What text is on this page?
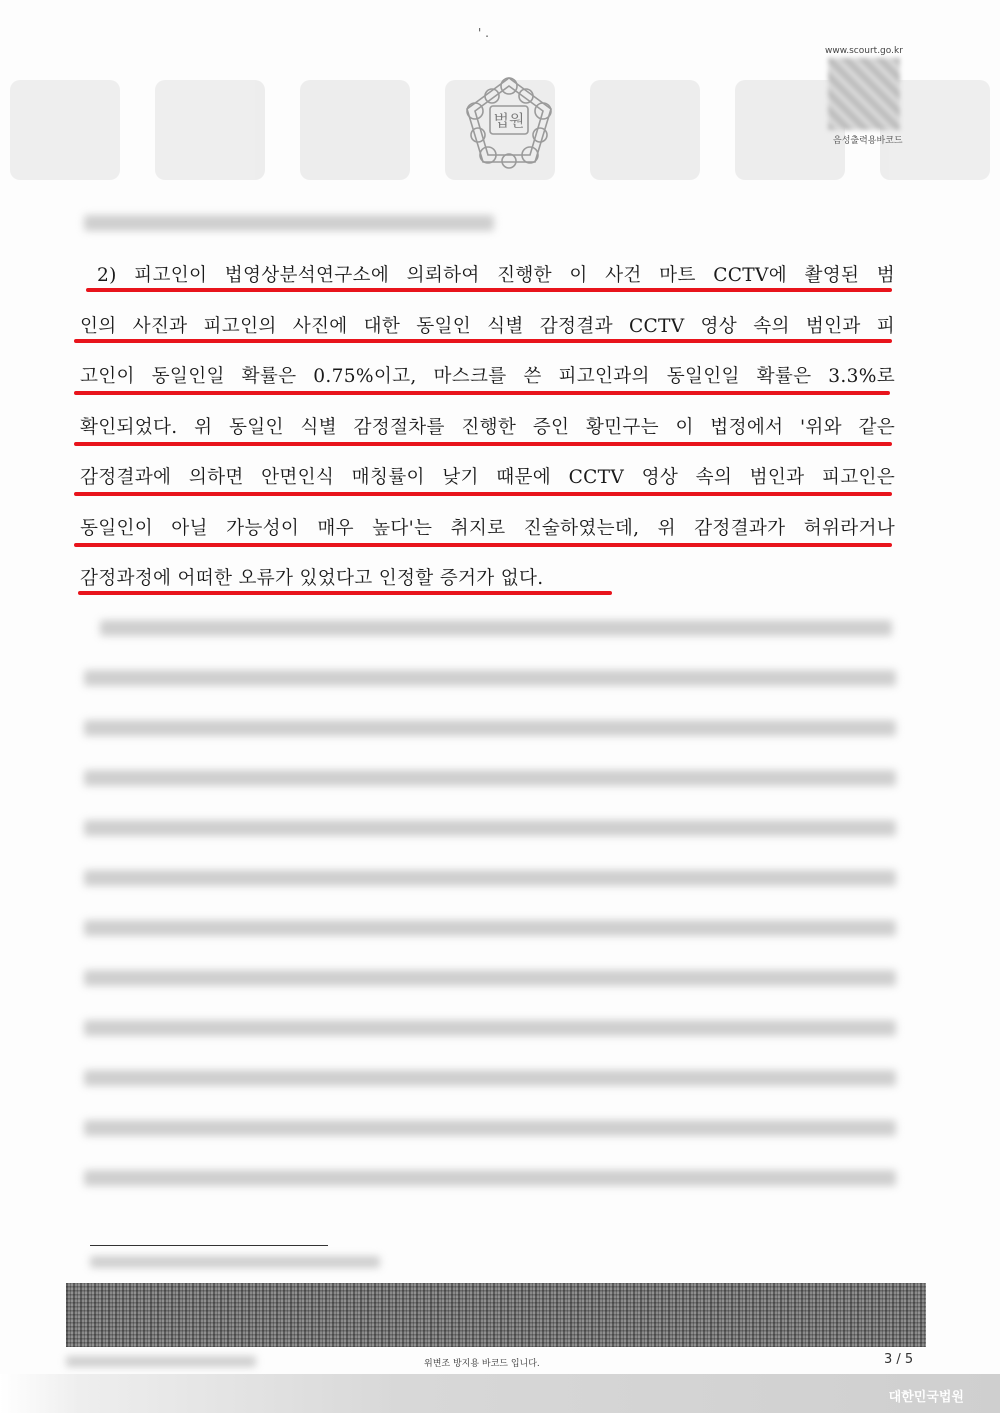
' .
법원
www.scourt.go.kr
음성출력용바코드
2) 피고인이 법영상분석연구소에 의뢰하여 진행한 이 사건 마트 CCTV에 촬영된 범
인의 사진과 피고인의 사진에 대한 동일인 식별 감정결과 CCTV 영상 속의 범인과 피
고인이 동일인일 확률은 0.75%이고, 마스크를 쓴 피고인과의 동일인일 확률은 3.3%로
확인되었다. 위 동일인 식별 감정절차를 진행한 증인 황민구는 이 법정에서 '위와 같은
감정결과에 의하면 안면인식 매칭률이 낮기 때문에 CCTV 영상 속의 범인과 피고인은
동일인이 아닐 가능성이 매우 높다'는 취지로 진술하였는데, 위 감정결과가 허위라거나
감정과정에 어떠한 오류가 있었다고 인정할 증거가 없다.
위변조 방지용 바코드 입니다.	3 / 5
대한민국법원
